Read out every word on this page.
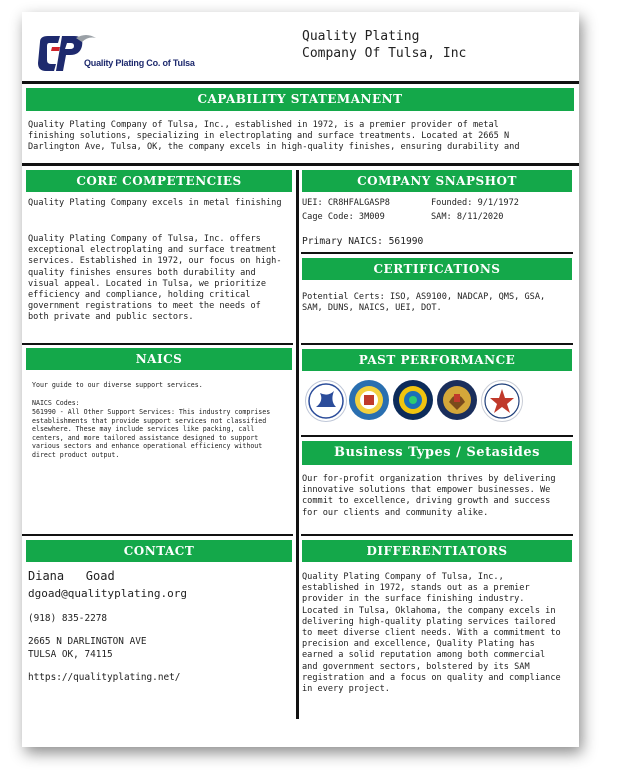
Quality Plating Co. of Tulsa
Quality Plating
Company Of Tulsa, Inc
CAPABILITY STATEMANENT
Quality Plating Company of Tulsa, Inc., established in 1972, is a premier provider of metal
finishing solutions, specializing in electroplating and surface treatments. Located at 2665 N
Darlington Ave, Tulsa, OK, the company excels in high-quality finishes, ensuring durability and
CORE COMPETENCIES
Quality Plating Company excels in metal finishing
Quality Plating Company of Tulsa, Inc. offers
exceptional electroplating and surface treatment
services. Established in 1972, our focus on high-
quality finishes ensures both durability and
visual appeal. Located in Tulsa, we prioritize
efficiency and compliance, holding critical
government registrations to meet the needs of
both private and public sectors.
COMPANY SNAPSHOT
UEI: CR8HFALGASP8	Founded: 9/1/1972
Cage Code: 3M009	SAM: 8/11/2020
Primary NAICS: 561990
CERTIFICATIONS
Potential Certs: ISO, AS9100, NADCAP, QMS, GSA,
SAM, DUNS, NAICS, UEI, DOT.
NAICS
Your guide to our diverse support services.
NAICS Codes:
561990 - All Other Support Services: This industry comprises
establishments that provide support services not classified
elsewhere. These may include services like packing, call
centers, and more tailored assistance designed to support
various sectors and enhance operational efficiency without
direct product output.
PAST PERFORMANCE
Business Types / Setasides
Our for-profit organization thrives by delivering
innovative solutions that empower businesses. We
commit to excellence, driving growth and success
for our clients and community alike.
CONTACT
Diana   Goad
dgoad@qualityplating.org
(918) 835-2278
2665 N DARLINGTON AVE
TULSA OK, 74115
https://qualityplating.net/
DIFFERENTIATORS
Quality Plating Company of Tulsa, Inc.,
established in 1972, stands out as a premier
provider in the surface finishing industry.
Located in Tulsa, Oklahoma, the company excels in
delivering high-quality plating services tailored
to meet diverse client needs. With a commitment to
precision and excellence, Quality Plating has
earned a solid reputation among both commercial
and government sectors, bolstered by its SAM
registration and a focus on quality and compliance
in every project.
